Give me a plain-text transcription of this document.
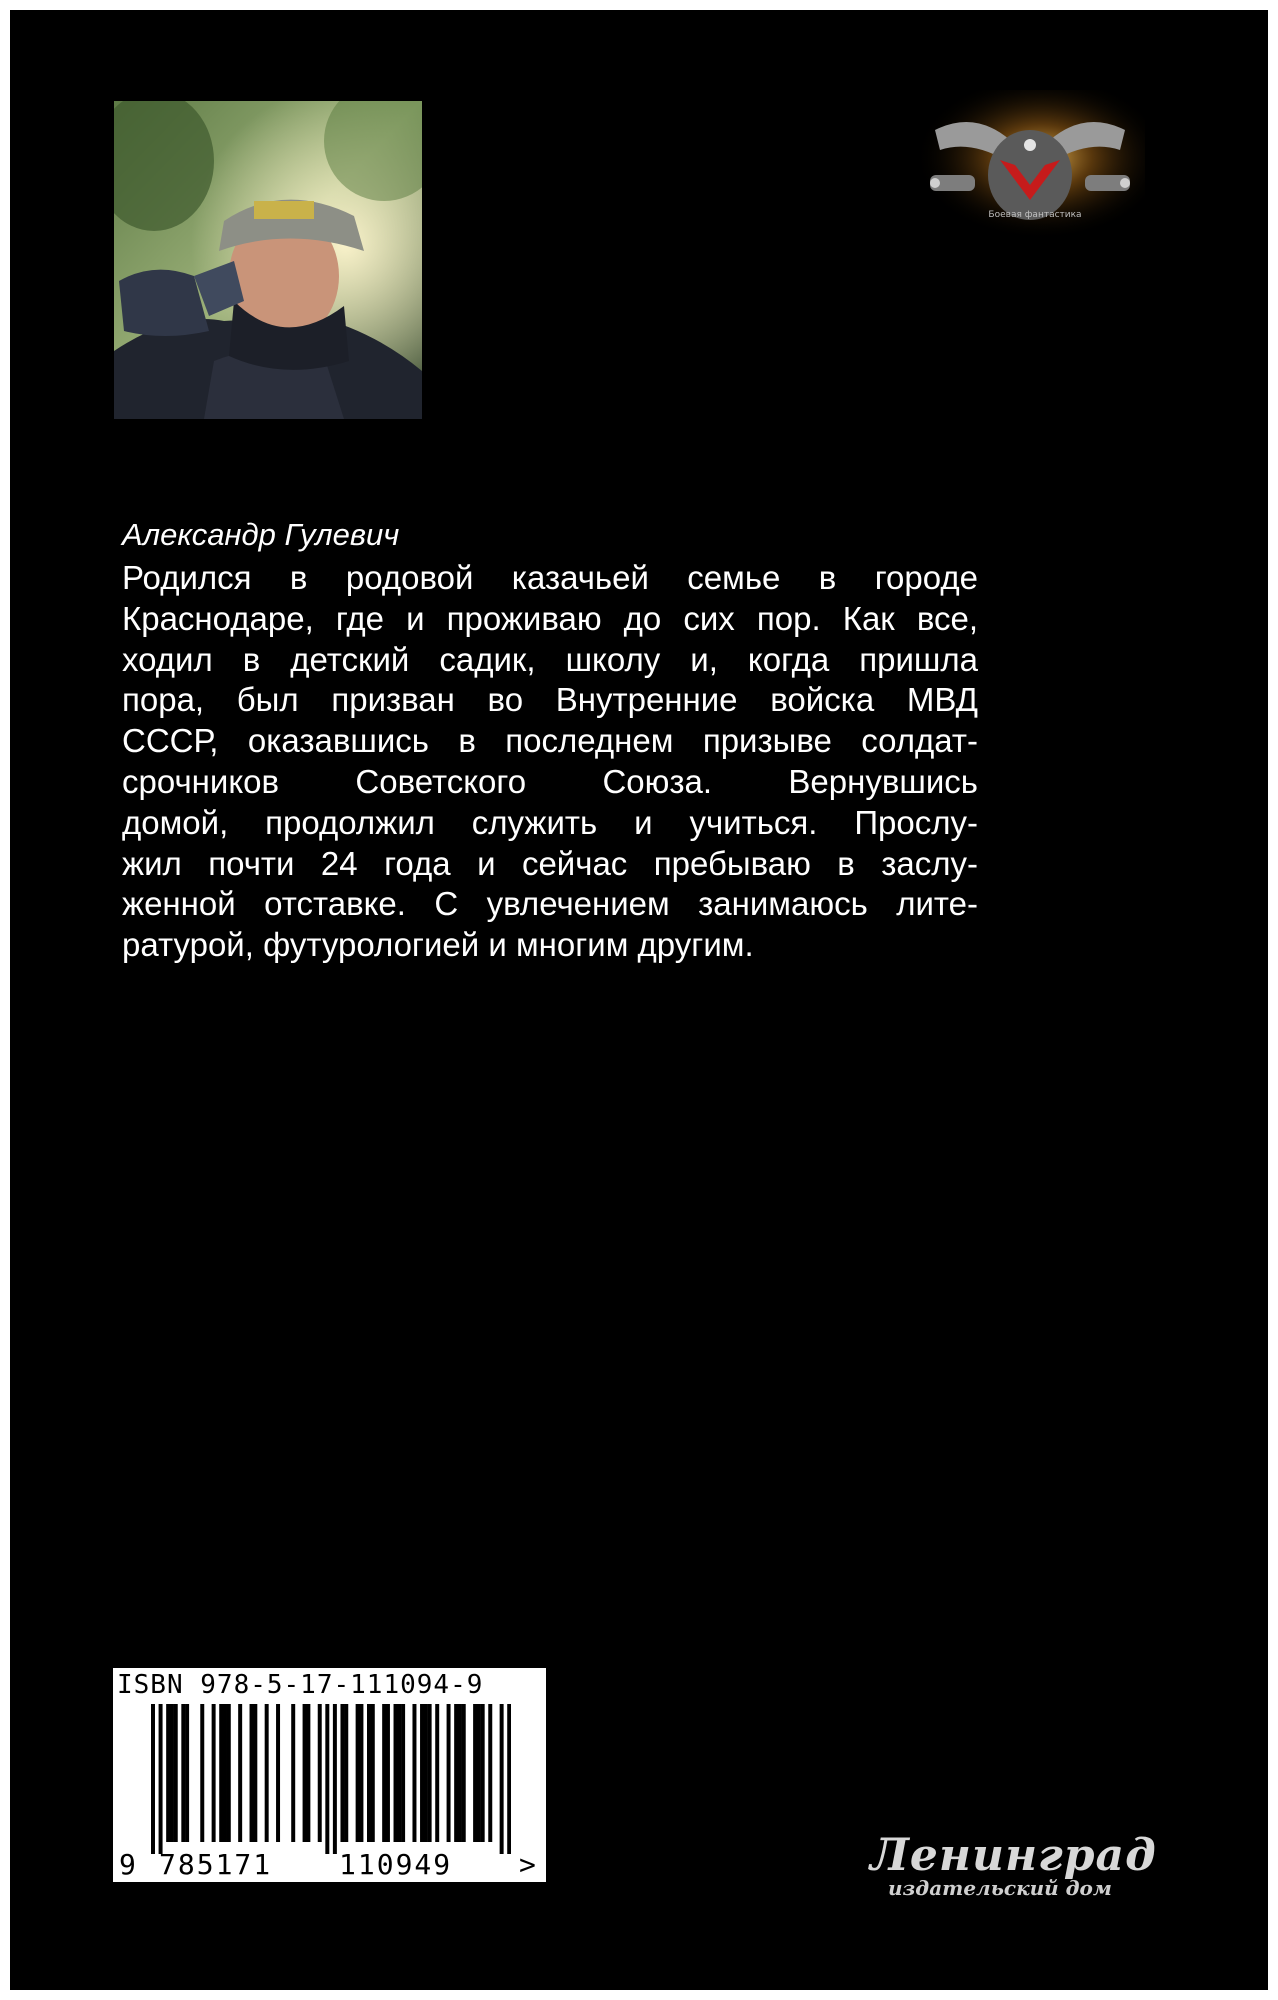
Боевая фантастика
Александр Гулевич
Родился в родовой казачьей семье в городе
Краснодаре, где и проживаю до сих пор. Как все,
ходил в детский садик, школу и, когда пришла
пора, был призван во Внутренние войска МВД
СССР, оказавшись в последнем призыве солдат-
срочников Советского Союза. Вернувшись
домой, продолжил служить и учиться. Прослу-
жил почти 24 года и сейчас пребываю в заслу-
женной отставке. С увлечением занимаюсь лите-
ратурой, футурологией и многим другим.
ISBN 978-5-17-111094-9
9 785171 110949 >	Ленинград
издательский дом
